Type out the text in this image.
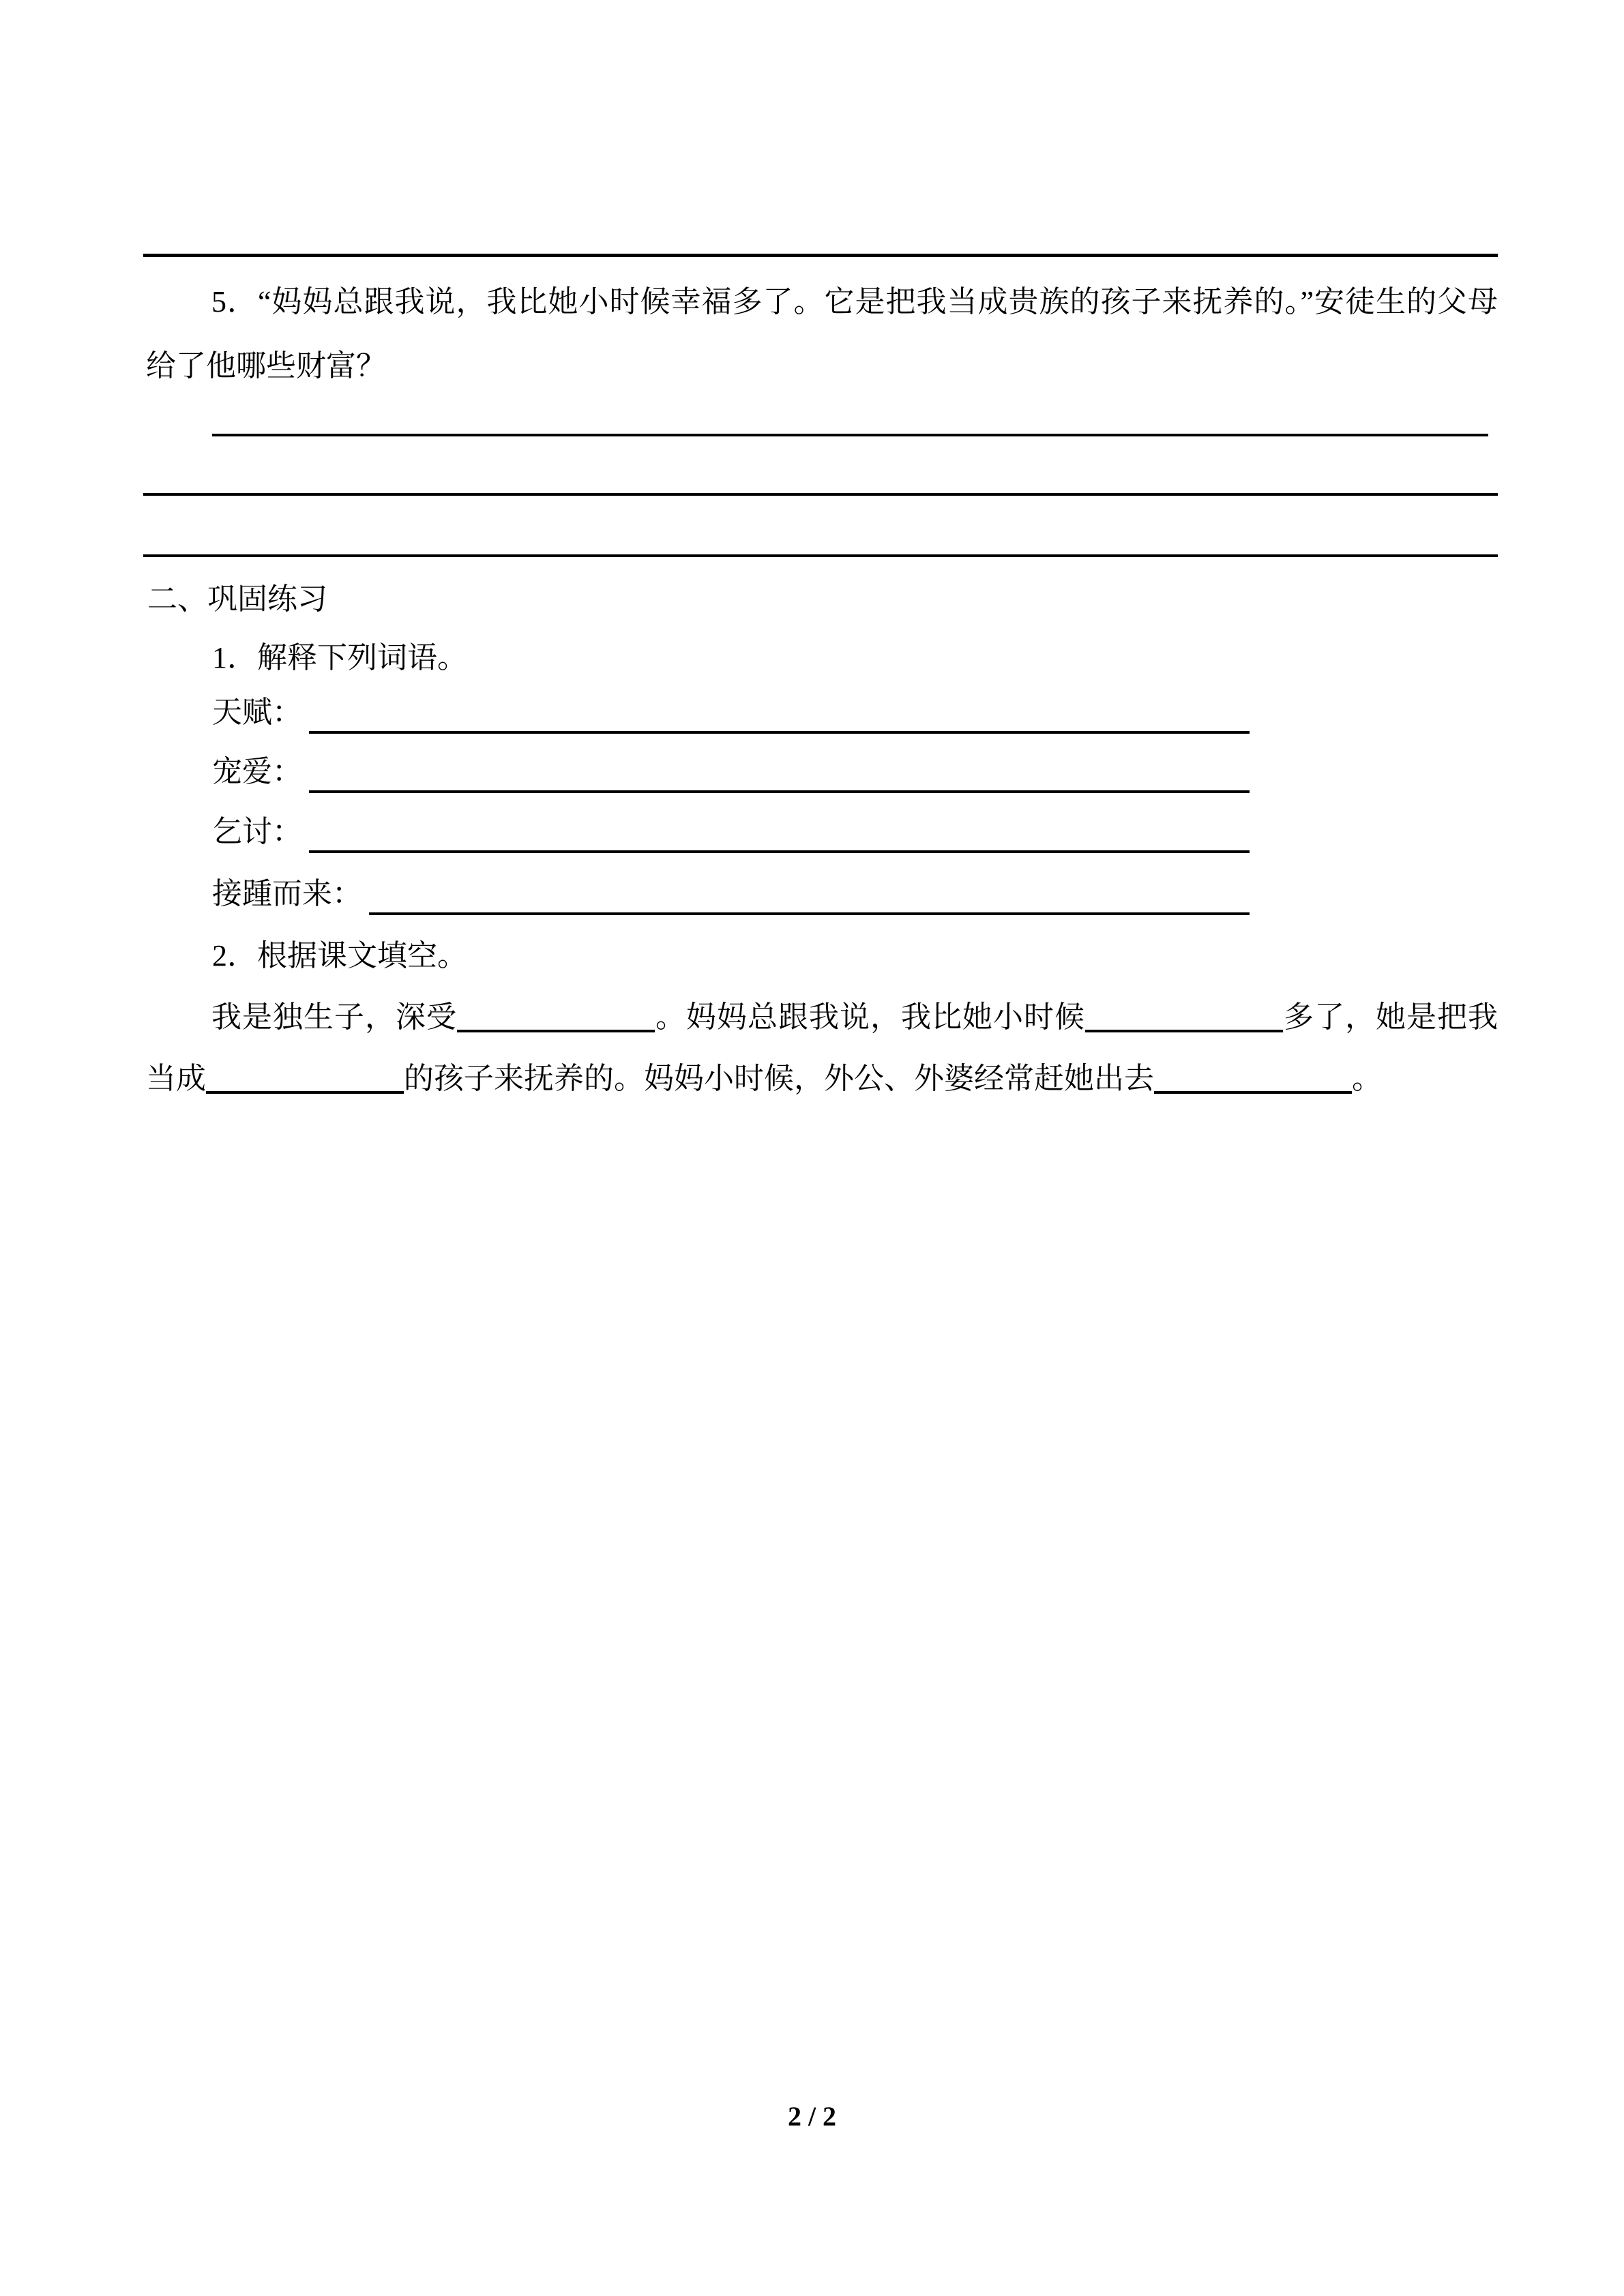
5．“妈妈总跟我说，我比她小时候幸福多了。它是把我当成贵族的孩子来抚养的。”安徒生的父母给了他哪些财富？

二、巩固练习

1．解释下列词语。

天赋：
宠爱：
乞讨：
接踵而来：

2．根据课文填空。

我是独生子，深受	。妈妈总跟我说，我比她小时候	多了，她是把我当成	的孩子来抚养的。妈妈小时候，外公、外婆经常赶她出去	。

2 / 2
